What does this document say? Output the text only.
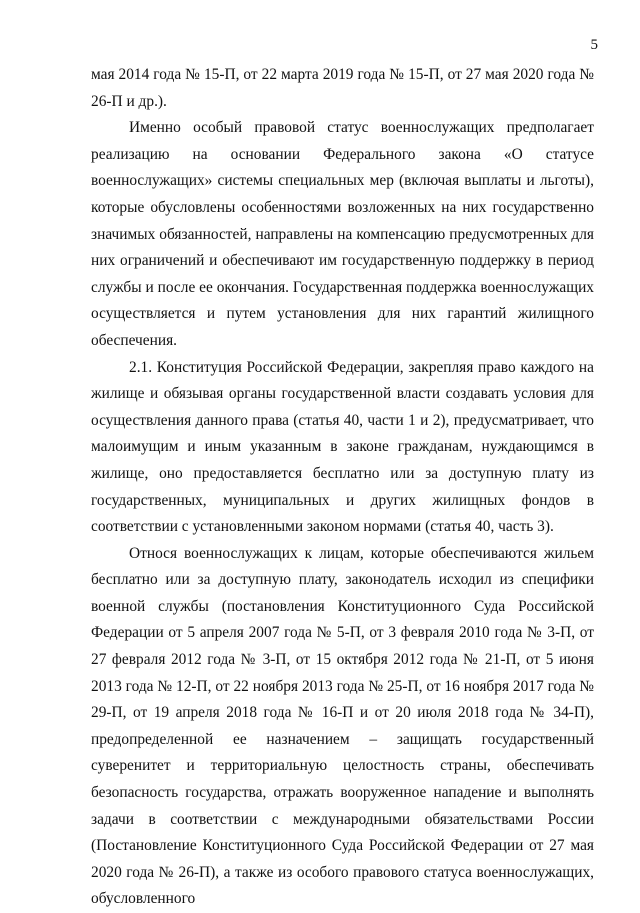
5

мая 2014 года № 15-П, от 22 марта 2019 года № 15-П, от 27 мая 2020 года № 26-П и др.).

Именно особый правовой статус военнослужащих предполагает реализацию на основании Федерального закона «О статусе военнослужащих» системы специальных мер (включая выплаты и льготы), которые обусловлены особенностями возложенных на них государственно значимых обязанностей, направлены на компенсацию предусмотренных для них ограничений и обеспечивают им государственную поддержку в период службы и после ее окончания. Государственная поддержка военнослужащих осуществляется и путем установления для них гарантий жилищного обеспечения.

2.1. Конституция Российской Федерации, закрепляя право каждого на жилище и обязывая органы государственной власти создавать условия для осуществления данного права (статья 40, части 1 и 2), предусматривает, что малоимущим и иным указанным в законе гражданам, нуждающимся в жилище, оно предоставляется бесплатно или за доступную плату из государственных, муниципальных и других жилищных фондов в соответствии с установленными законом нормами (статья 40, часть 3).

Относя военнослужащих к лицам, которые обеспечиваются жильем бесплатно или за доступную плату, законодатель исходил из специфики военной службы (постановления Конституционного Суда Российской Федерации от 5 апреля 2007 года № 5-П, от 3 февраля 2010 года № 3-П, от 27 февраля 2012 года № 3-П, от 15 октября 2012 года № 21-П, от 5 июня 2013 года № 12-П, от 22 ноября 2013 года № 25-П, от 16 ноября 2017 года № 29-П, от 19 апреля 2018 года № 16-П и от 20 июля 2018 года № 34-П), предопределенной ее назначением – защищать государственный суверенитет и территориальную целостность страны, обеспечивать безопасность государства, отражать вооруженное нападение и выполнять задачи в соответствии с международными обязательствами России (Постановление Конституционного Суда Российской Федерации от 27 мая 2020 года № 26-П), а также из особого правового статуса военнослужащих, обусловленного
